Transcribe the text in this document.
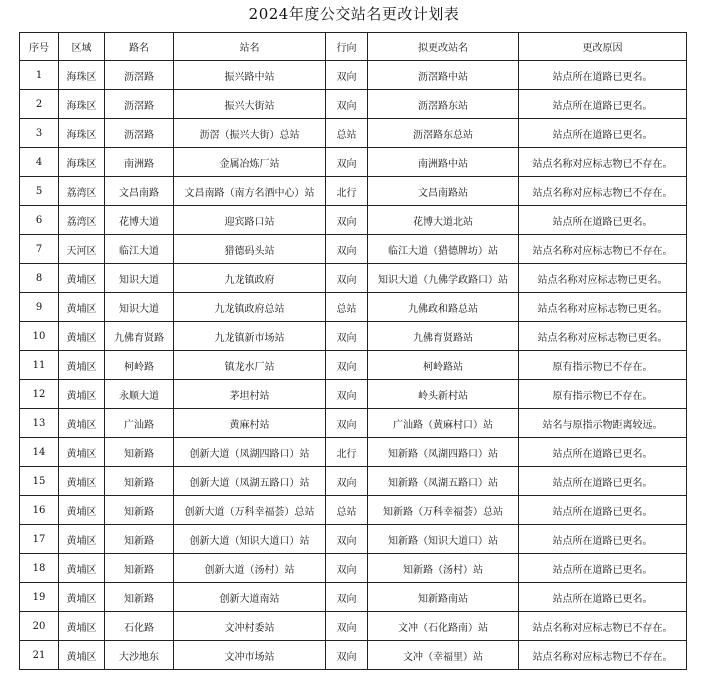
2024年度公交站名更改计划表
序号	区域	路名	站名	行向	拟更改站名	更改原因
1	海珠区	沥滘路	振兴路中站	双向	沥滘路中站	站点所在道路已更名。
2	海珠区	沥滘路	振兴大街站	双向	沥滘路东站	站点所在道路已更名。
3	海珠区	沥滘路	沥滘（振兴大街）总站	总站	沥滘路东总站	站点所在道路已更名。
4	海珠区	南洲路	金属冶炼厂站	双向	南洲路中站	站点名称对应标志物已不存在。
5	荔湾区	文昌南路	文昌南路（南方名酒中心）站	北行	文昌南路站	站点名称对应标志物已不存在。
6	荔湾区	花博大道	迎宾路口站	双向	花博大道北站	站点所在道路已更名。
7	天河区	临江大道	猎德码头站	双向	临江大道（猎德牌坊）站	站点名称对应标志物已不存在。
8	黄埔区	知识大道	九龙镇政府	双向	知识大道（九佛学政路口）站	站点名称对应标志物已更名。
9	黄埔区	知识大道	九龙镇政府总站	总站	九佛政和路总站	站点名称对应标志物已更名。
10	黄埔区	九佛育贤路	九龙镇新市场站	双向	九佛育贤路站	站点名称对应标志物已更名。
11	黄埔区	柯岭路	镇龙水厂站	双向	柯岭路站	原有指示物已不存在。
12	黄埔区	永顺大道	茅坦村站	双向	岭头新村站	原有指示物已不存在。
13	黄埔区	广汕路	黄麻村站	双向	广汕路（黄麻村口）站	站名与原指示物距离较远。
14	黄埔区	知新路	创新大道（凤湖四路口）站	北行	知新路（凤湖四路口）站	站点所在道路已更名。
15	黄埔区	知新路	创新大道（凤湖五路口）站	双向	知新路（凤湖五路口）站	站点所在道路已更名。
16	黄埔区	知新路	创新大道（万科幸福荟）总站	总站	知新路（万科幸福荟）总站	站点所在道路已更名。
17	黄埔区	知新路	创新大道（知识大道口）站	双向	知新路（知识大道口）站	站点所在道路已更名。
18	黄埔区	知新路	创新大道（汤村）站	双向	知新路（汤村）站	站点所在道路已更名。
19	黄埔区	知新路	创新大道南站	双向	知新路南站	站点所在道路已更名。
20	黄埔区	石化路	文冲村委站	双向	文冲（石化路南）站	站点名称对应标志物已不存在。
21	黄埔区	大沙地东	文冲市场站	双向	文冲（幸福里）站	站点名称对应标志物已不存在。
